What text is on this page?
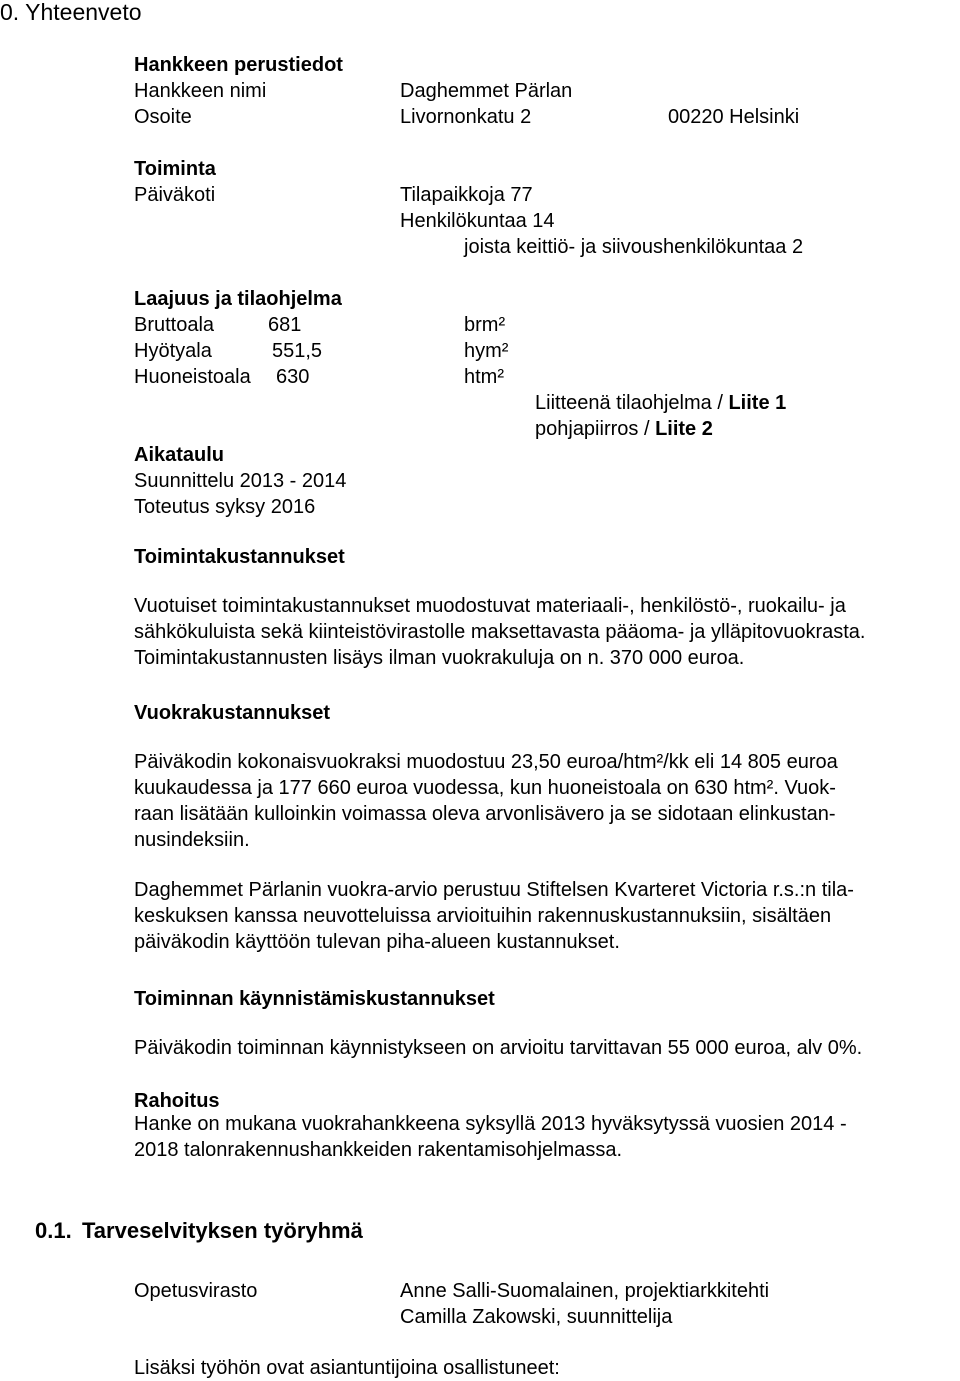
0. Yhteenveto
Hankkeen perustiedot
Hankkeen nimi	Daghemmet Pärlan
Osoite	Livornonkatu 2	00220 Helsinki
Toiminta
Päiväkoti	Tilapaikkoja 77
Henkilökuntaa 14
joista keittiö- ja siivoushenkilökuntaa 2
Laajuus ja tilaohjelma
Bruttoala	681	brm²
Hyötyala	551,5	hym²
Huoneistoala 630	htm²
Liitteenä tilaohjelma / Liite 1
pohjapiirros / Liite 2
Aikataulu
Suunnittelu 2013 - 2014
Toteutus syksy 2016
Toimintakustannukset
Vuotuiset toimintakustannukset muodostuvat materiaali-, henkilöstö-, ruokailu- ja
sähkökuluista sekä kiinteistövirastolle maksettavasta pääoma- ja ylläpitovuokrasta.
Toimintakustannusten lisäys ilman vuokrakuluja on n. 370 000 euroa.
Vuokrakustannukset
Päiväkodin kokonaisvuokraksi muodostuu 23,50 euroa/htm²/kk eli 14 805 euroa
kuukaudessa ja 177 660 euroa vuodessa, kun huoneistoala on 630 htm². Vuok-
raan lisätään kulloinkin voimassa oleva arvonlisävero ja se sidotaan elinkustan-
nusindeksiin.
Daghemmet Pärlanin vuokra-arvio perustuu Stiftelsen Kvarteret Victoria r.s.:n tila-
keskuksen kanssa neuvotteluissa arvioituihin rakennuskustannuksiin, sisältäen
päiväkodin käyttöön tulevan piha-alueen kustannukset.
Toiminnan käynnistämiskustannukset
Päiväkodin toiminnan käynnistykseen on arvioitu tarvittavan 55 000 euroa, alv 0%.
Rahoitus
Hanke on mukana vuokrahankkeena syksyllä 2013 hyväksytyssä vuosien 2014 -
2018 talonrakennushankkeiden rakentamisohjelmassa.
0.1. Tarveselvityksen työryhmä
Opetusvirasto	Anne Salli-Suomalainen, projektiarkkitehti
Camilla Zakowski, suunnittelija
Lisäksi työhön ovat asiantuntijoina osallistuneet:
